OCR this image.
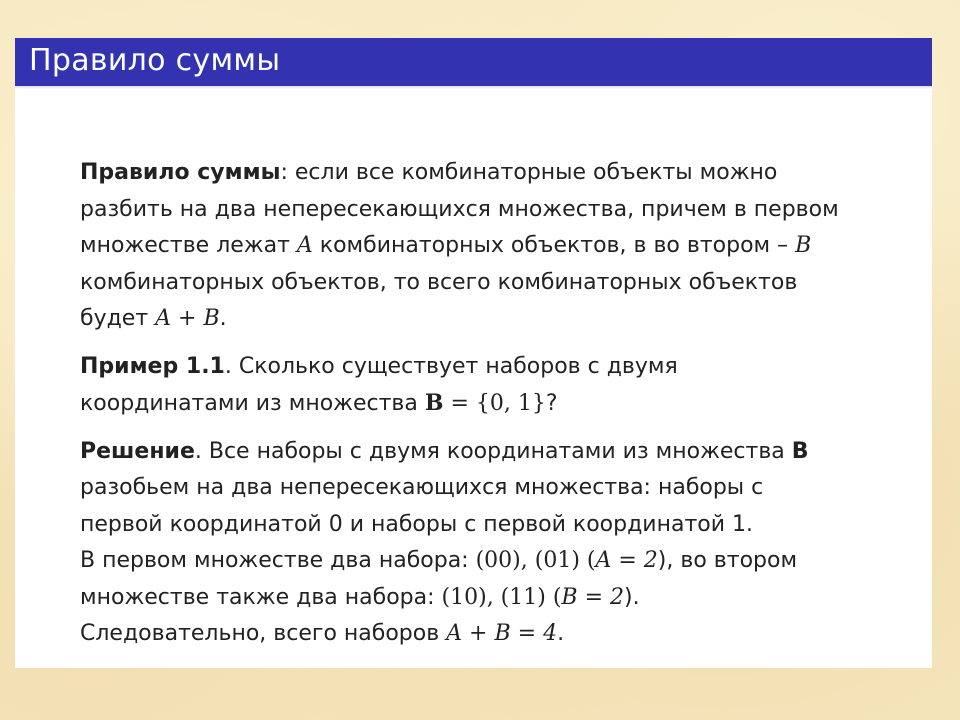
Правило суммы
Правило суммы: если все комбинаторные объекты можно
разбить на два непересекающихся множества, причем в первом
множестве лежат A комбинаторных объектов, в во втором – B
комбинаторных объектов, то всего комбинаторных объектов
будет A + B.
Пример 1.1. Сколько существует наборов с двумя
координатами из множества B = {0, 1}?
Решение. Все наборы с двумя координатами из множества B
разобьем на два непересекающихся множества: наборы с
первой координатой 0 и наборы с первой координатой 1.
В первом множестве два набора: (00), (01) (A = 2), во втором
множестве также два набора: (10), (11) (B = 2).
Следовательно, всего наборов A + B = 4.
